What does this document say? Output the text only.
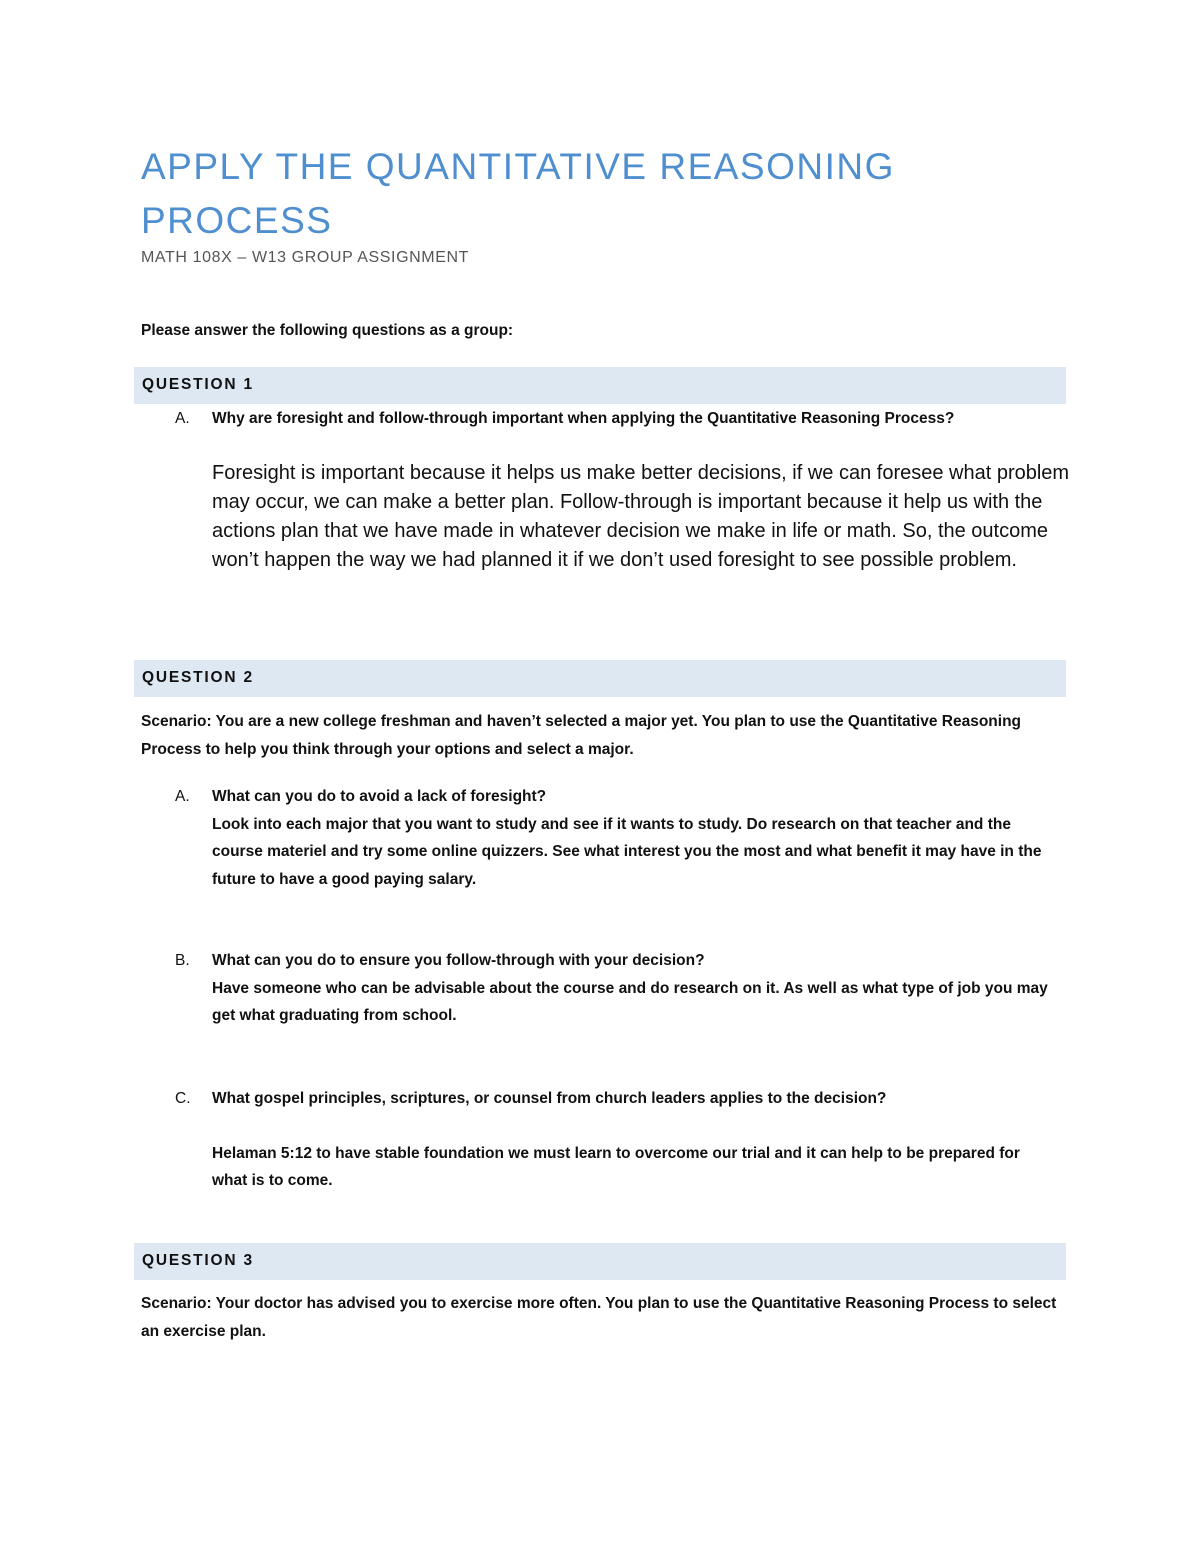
APPLY THE QUANTITATIVE REASONING PROCESS

MATH 108X – W13 GROUP ASSIGNMENT

Please answer the following questions as a group:

QUESTION 1
A. Why are foresight and follow-through important when applying the Quantitative Reasoning Process?

Foresight is important because it helps us make better decisions, if we can foresee what problem may occur, we can make a better plan. Follow-through is important because it help us with the actions plan that we have made in whatever decision we make in life or math. So, the outcome won’t happen the way we had planned it if we don’t used foresight to see possible problem.

QUESTION 2

Scenario: You are a new college freshman and haven’t selected a major yet. You plan to use the Quantitative Reasoning Process to help you think through your options and select a major.

A. What can you do to avoid a lack of foresight?
Look into each major that you want to study and see if it wants to study. Do research on that teacher and the course materiel and try some online quizzers. See what interest you the most and what benefit it may have in the future to have a good paying salary.
B. What can you do to ensure you follow-through with your decision?
Have someone who can be advisable about the course and do research on it. As well as what type of job you may get what graduating from school.
C. What gospel principles, scriptures, or counsel from church leaders applies to the decision?
Helaman 5:12 to have stable foundation we must learn to overcome our trial and it can help to be prepared for what is to come.
QUESTION 3

Scenario: Your doctor has advised you to exercise more often. You plan to use the Quantitative Reasoning Process to select an exercise plan.
